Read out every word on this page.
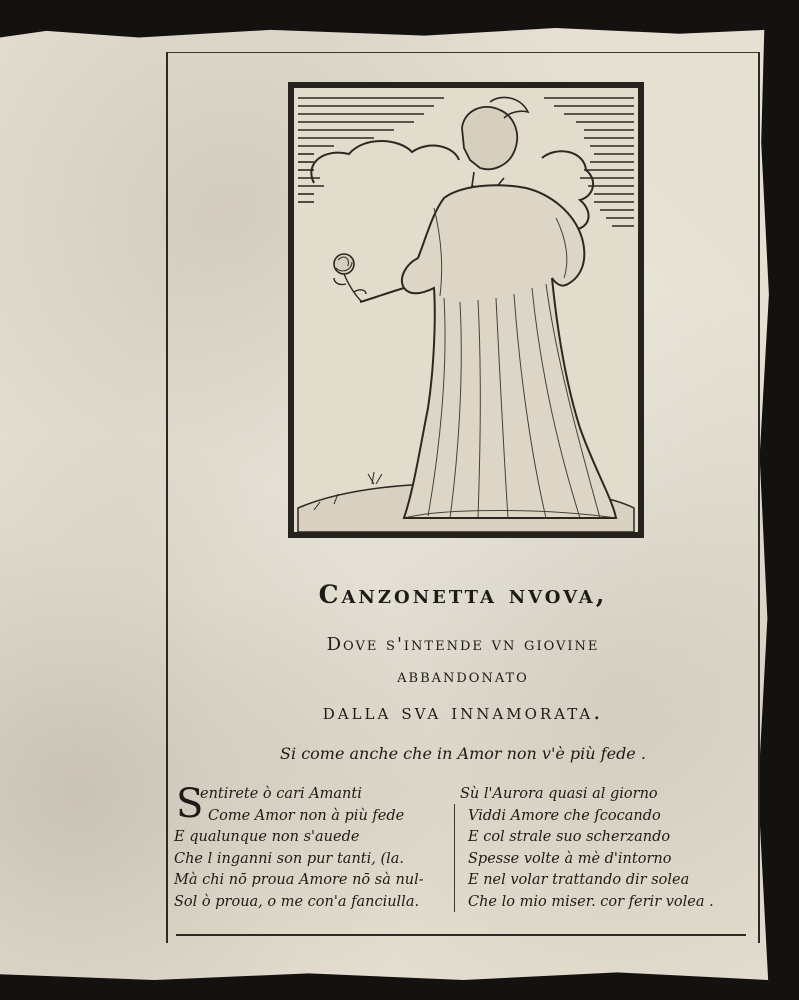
Canzonetta nvova,
Dove s'intende vn giovine
abbandonato
dalla sva innamorata.
Si come anche che in Amor non v'è più fede .
S
entirete ò cari Amanti
Come Amor non à più fede
E qualunque non s'auede
Che l inganni son pur tanti, (la.
Mà chi nō proua Amore nō sà nul-
Sol ò proua, o me con'a fanciulla.
Sù l'Aurora quasi al giorno
Viddi Amore che ſcocando
E col strale suo scherzando
Spesse volte à mè d'intorno
E nel volar trattando dir solea
Che lo mio miser. cor ferir volea .
